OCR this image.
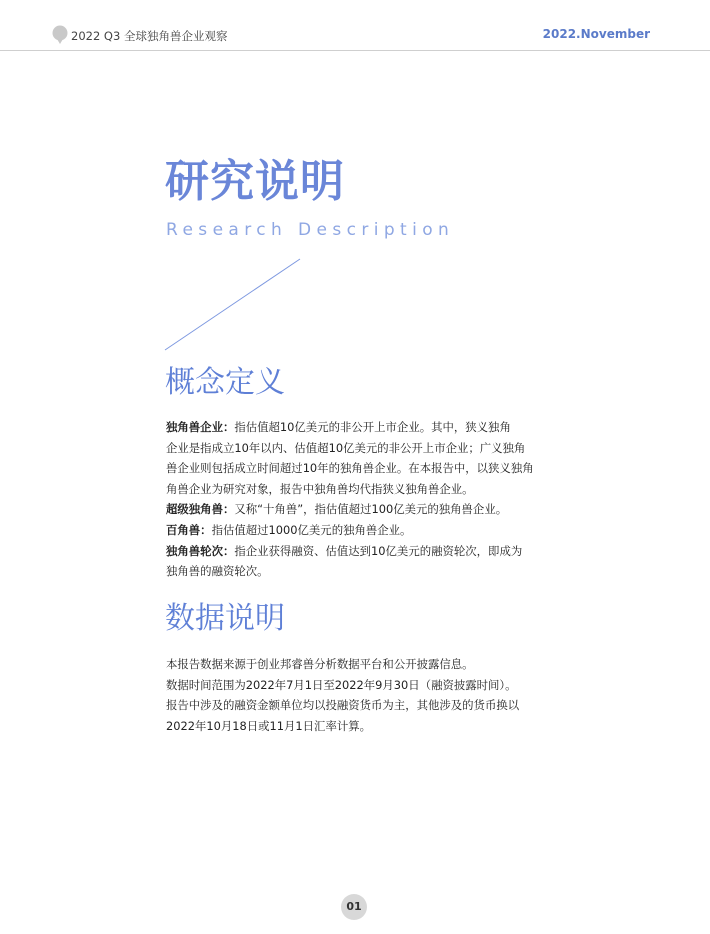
2022 Q3 全球独角兽企业观察	2022.November
研究说明
Research Description
概念定义
独角兽企业：指估值超10亿美元的非公开上市企业。其中，狭义独角
企业是指成立10年以内、估值超10亿美元的非公开上市企业；广义独角
兽企业则包括成立时间超过10年的独角兽企业。在本报告中，以狭义独角
角兽企业为研究对象，报告中独角兽均代指狭义独角兽企业。
超级独角兽：又称“十角兽”，指估值超过100亿美元的独角兽企业。
百角兽：指估值超过1000亿美元的独角兽企业。
独角兽轮次：指企业获得融资、估值达到10亿美元的融资轮次，即成为
独角兽的融资轮次。
数据说明
本报告数据来源于创业邦睿兽分析数据平台和公开披露信息。
数据时间范围为2022年7月1日至2022年9月30日（融资披露时间）。
报告中涉及的融资金额单位均以投融资货币为主，其他涉及的货币换以
2022年10月18日或11月1日汇率计算。
01
